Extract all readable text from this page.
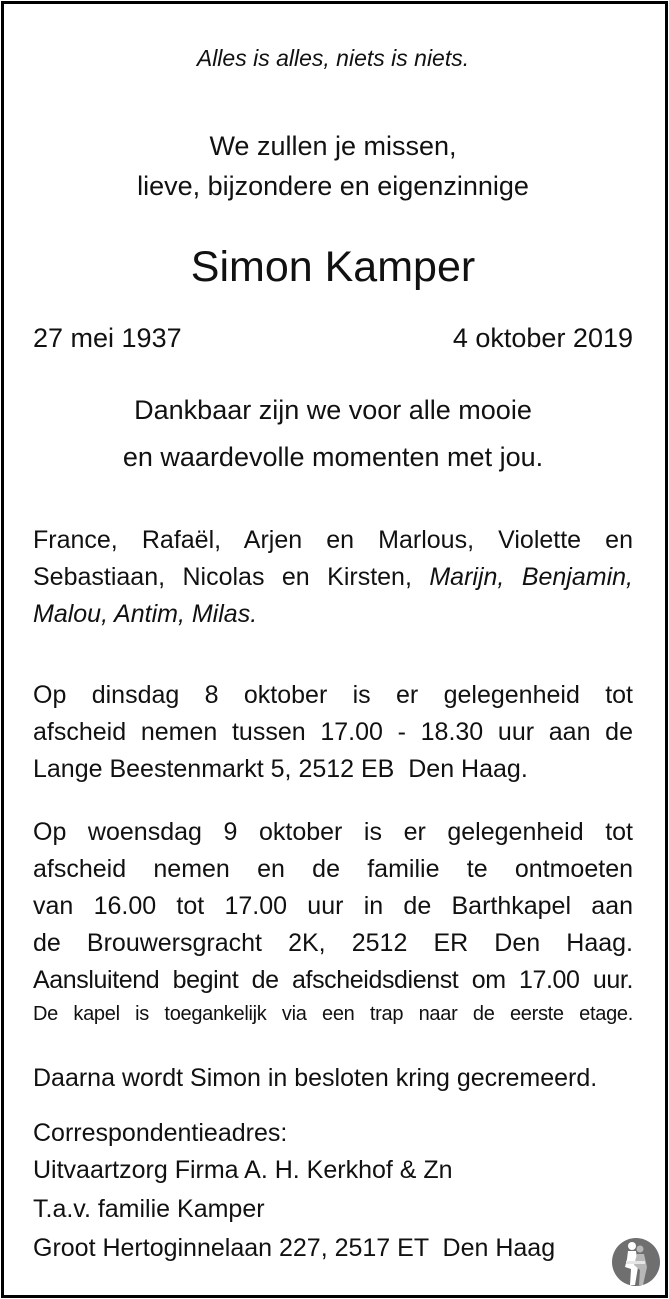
Alles is alles, niets is niets.
We zullen je missen,
lieve, bijzondere en eigenzinnige
Simon Kamper
27 mei 1937	4 oktober 2019
Dankbaar zijn we voor alle mooie
en waardevolle momenten met jou.
France, Rafaël, Arjen en Marlous, Violette en
Sebastiaan, Nicolas en Kirsten, Marijn, Benjamin,
Malou, Antim, Milas.
Op dinsdag 8 oktober is er gelegenheid tot
afscheid nemen tussen 17.00 - 18.30 uur aan de
Lange Beestenmarkt 5, 2512 EB  Den Haag.
Op woensdag 9 oktober is er gelegenheid tot
afscheid nemen en de familie te ontmoeten
van 16.00 tot 17.00 uur in de Barthkapel aan
de Brouwersgracht 2K, 2512 ER Den Haag.
Aansluitend begint de afscheidsdienst om 17.00 uur.
De kapel is toegankelijk via een trap naar de eerste etage.
Daarna wordt Simon in besloten kring gecremeerd.
Correspondentieadres:
Uitvaartzorg Firma A. H. Kerkhof & Zn
T.a.v. familie Kamper
Groot Hertoginnelaan 227, 2517 ET  Den Haag
